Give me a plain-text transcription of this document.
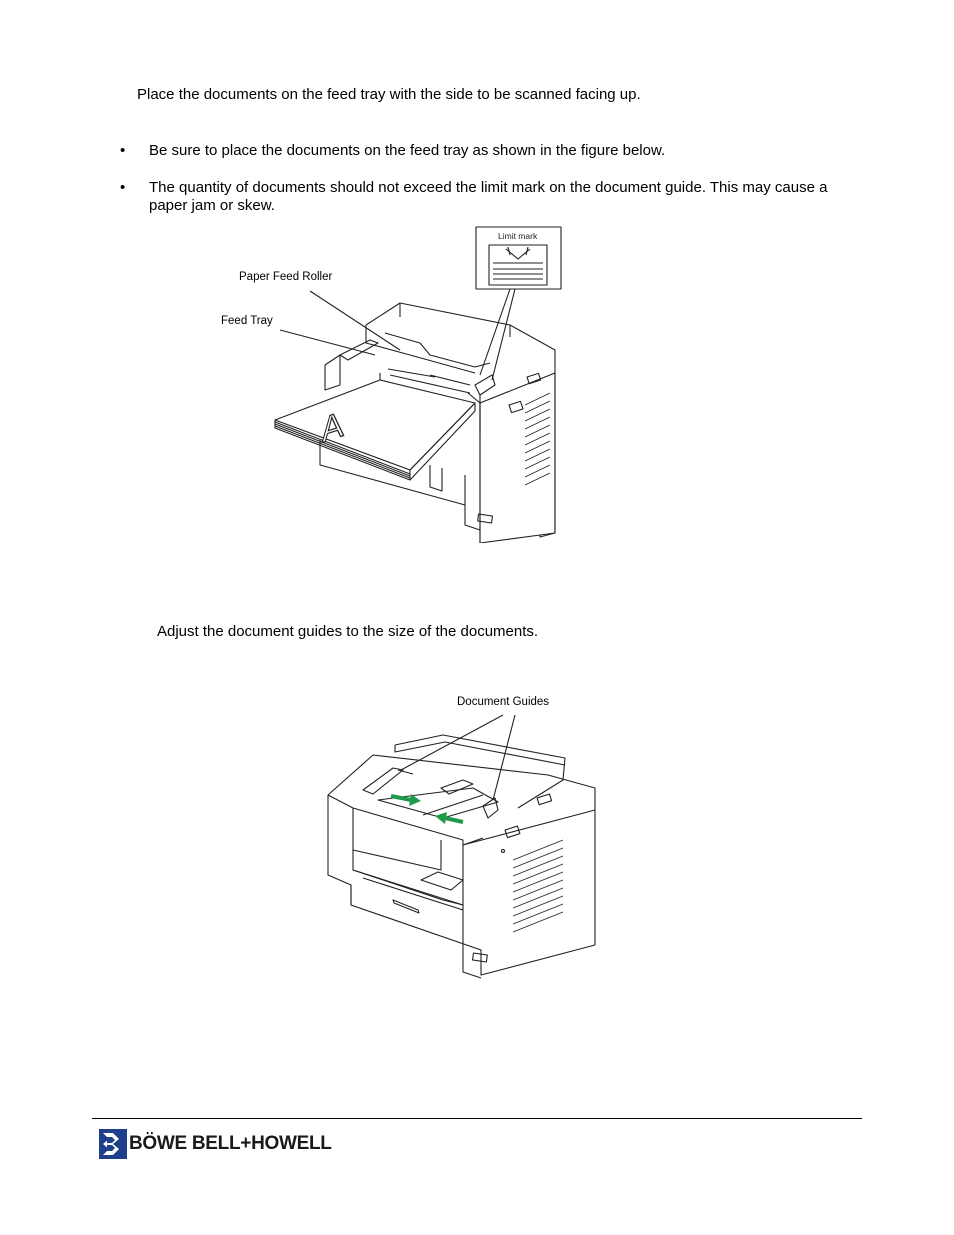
Place the documents on the feed tray with the side to be scanned facing up.
• Be sure to place the documents on the feed tray as shown in the figure below.
• The quantity of documents should not exceed the limit mark on the document guide. This may cause a paper jam or skew.
Paper Feed Roller
Feed Tray
A
Limit mark
Adjust the document guides to the size of the documents.
Document Guides
BÖWE BELL+HOWELL
